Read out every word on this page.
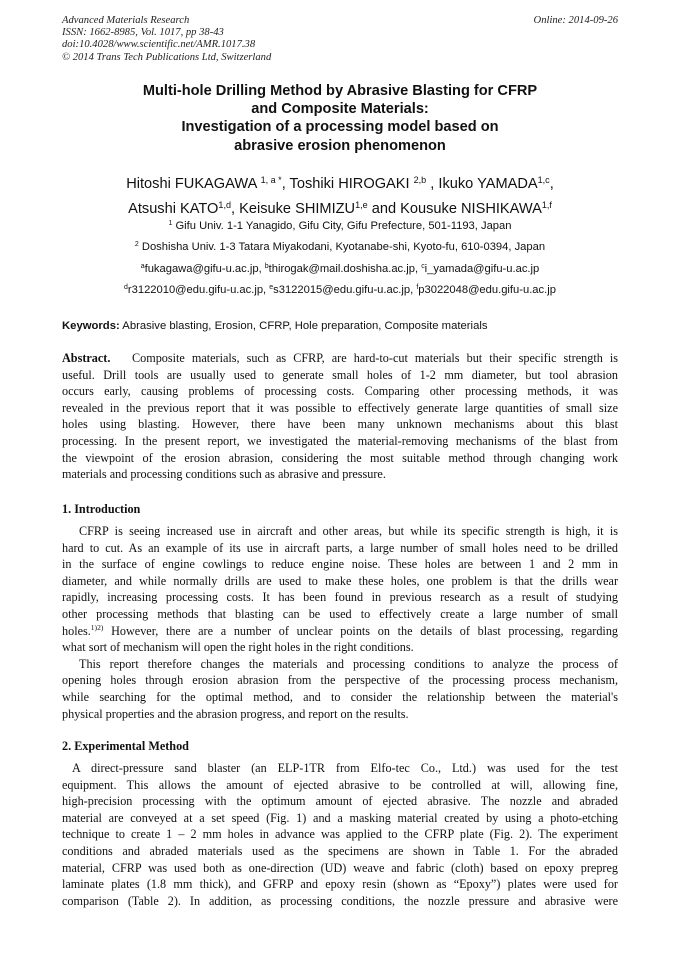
Advanced Materials Research
ISSN: 1662-8985, Vol. 1017, pp 38-43
doi:10.4028/www.scientific.net/AMR.1017.38
© 2014 Trans Tech Publications Ltd, Switzerland
Online: 2014-09-26
Multi-hole Drilling Method by Abrasive Blasting for CFRP
and Composite Materials:
Investigation of a processing model based on
abrasive erosion phenomenon
Hitoshi FUKAGAWA $^{1, a *}$, Toshiki HIROGAKI $^{2,b}$ , Ikuko YAMADA$^{1,c}$,
Atsushi KATO$^{1,d}$, Keisuke SHIMIZU$^{1,e}$ and Kousuke NISHIKAWA$^{1,f}$
$^1$ Gifu Univ. 1-1 Yanagido, Gifu City, Gifu Prefecture, 501-1193, Japan
$^2$ Doshisha Univ. 1-3 Tatara Miyakodani, Kyotanabe-shi, Kyoto-fu, 610-0394, Japan
$^a$fukagawa@gifu-u.ac.jp, $^b$thirogak@mail.doshisha.ac.jp, $^c$i_yamada@gifu-u.ac.jp
$^d$r3122010@edu.gifu-u.ac.jp, $^e$s3122015@edu.gifu-u.ac.jp, $^f$p3022048@edu.gifu-u.ac.jp
Keywords: Abrasive blasting, Erosion, CFRP, Hole preparation, Composite materials
Abstract. Composite materials, such as CFRP, are hard-to-cut materials but their specific strength is
useful. Drill tools are usually used to generate small holes of 1-2 mm diameter, but tool abrasion
occurs early, causing problems of processing costs. Comparing other processing methods, it was
revealed in the previous report that it was possible to effectively generate large quantities of small size
holes using blasting. However, there have been many unknown mechanisms about this blast
processing. In the present report, we investigated the material-removing mechanisms of the blast from
the viewpoint of the erosion abrasion, considering the most suitable method through changing work
materials and processing conditions such as abrasive and pressure.
1. Introduction
CFRP is seeing increased use in aircraft and other areas, but while its specific strength is high, it is
hard to cut. As an example of its use in aircraft parts, a large number of small holes need to be drilled
in the surface of engine cowlings to reduce engine noise. These holes are between 1 and 2 mm in
diameter, and while normally drills are used to make these holes, one problem is that the drills wear
rapidly, increasing processing costs. It has been found in previous research as a result of studying
other processing methods that blasting can be used to effectively create a large number of small
holes.$^{1)2)}$ However, there are a number of unclear points on the details of blast processing, regarding
what sort of mechanism will open the right holes in the right conditions.
This report therefore changes the materials and processing conditions to analyze the process of
opening holes through erosion abrasion from the perspective of the processing process mechanism,
while searching for the optimal method, and to consider the relationship between the material's
physical properties and the abrasion progress, and report on the results.
2. Experimental Method
A direct-pressure sand blaster (an ELP-1TR from Elfo-tec Co., Ltd.) was used for the test
equipment. This allows the amount of ejected abrasive to be controlled at will, allowing fine,
high-precision processing with the optimum amount of ejected abrasive. The nozzle and abraded
material are conveyed at a set speed (Fig. 1) and a masking material created by using a photo-etching
technique to create 1 – 2 mm holes in advance was applied to the CFRP plate (Fig. 2). The experiment
conditions and abraded materials used as the specimens are shown in Table 1. For the abraded
material, CFRP was used both as one-direction (UD) weave and fabric (cloth) based on epoxy prepreg
laminate plates (1.8 mm thick), and GFRP and epoxy resin (shown as “Epoxy”) plates were used for
comparison (Table 2). In addition, as processing conditions, the nozzle pressure and abrasive were
